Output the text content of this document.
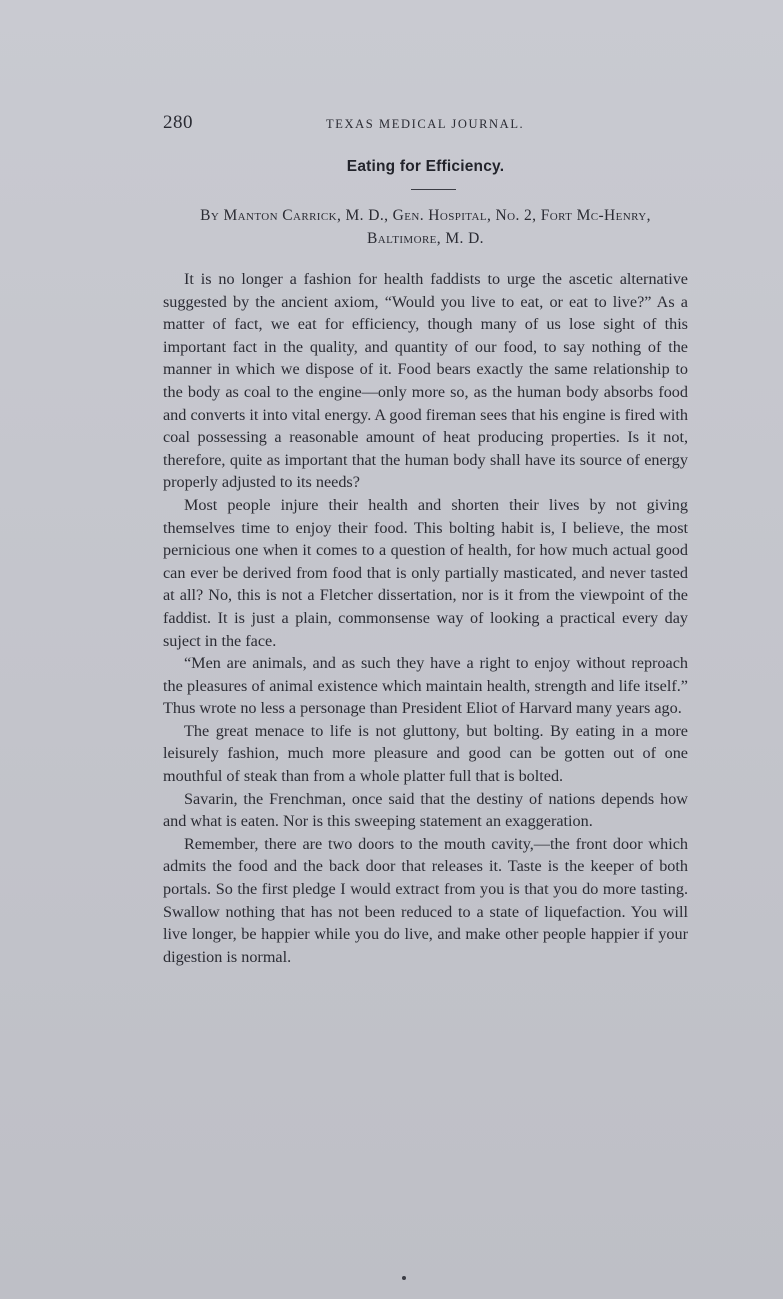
280	TEXAS MEDICAL JOURNAL.
Eating for Efficiency.
By Manton Carrick, M. D., Gen. Hospital, No. 2, Fort Mc-Henry, Baltimore, M. D.

It is no longer a fashion for health faddists to urge the ascetic alternative suggested by the ancient axiom, “Would you live to eat, or eat to live?” As a matter of fact, we eat for efficiency, though many of us lose sight of this important fact in the quality, and quantity of our food, to say nothing of the manner in which we dispose of it. Food bears exactly the same relationship to the body as coal to the engine—only more so, as the human body absorbs food and converts it into vital energy. A good fireman sees that his engine is fired with coal possessing a reasonable amount of heat producing properties. Is it not, therefore, quite as important that the human body shall have its source of energy properly adjusted to its needs?

Most people injure their health and shorten their lives by not giving themselves time to enjoy their food. This bolting habit is, I believe, the most pernicious one when it comes to a question of health, for how much actual good can ever be derived from food that is only partially masticated, and never tasted at all? No, this is not a Fletcher dissertation, nor is it from the viewpoint of the faddist. It is just a plain, commonsense way of looking a practical every day suject in the face.

“Men are animals, and as such they have a right to enjoy without reproach the pleasures of animal existence which maintain health, strength and life itself.” Thus wrote no less a personage than President Eliot of Harvard many years ago.

The great menace to life is not gluttony, but bolting. By eating in a more leisurely fashion, much more pleasure and good can be gotten out of one mouthful of steak than from a whole platter full that is bolted.

Savarin, the Frenchman, once said that the destiny of nations depends how and what is eaten. Nor is this sweeping statement an exaggeration.

Remember, there are two doors to the mouth cavity,—the front door which admits the food and the back door that releases it. Taste is the keeper of both portals. So the first pledge I would extract from you is that you do more tasting. Swallow nothing that has not been reduced to a state of liquefaction. You will live longer, be happier while you do live, and make other people happier if your digestion is normal.
